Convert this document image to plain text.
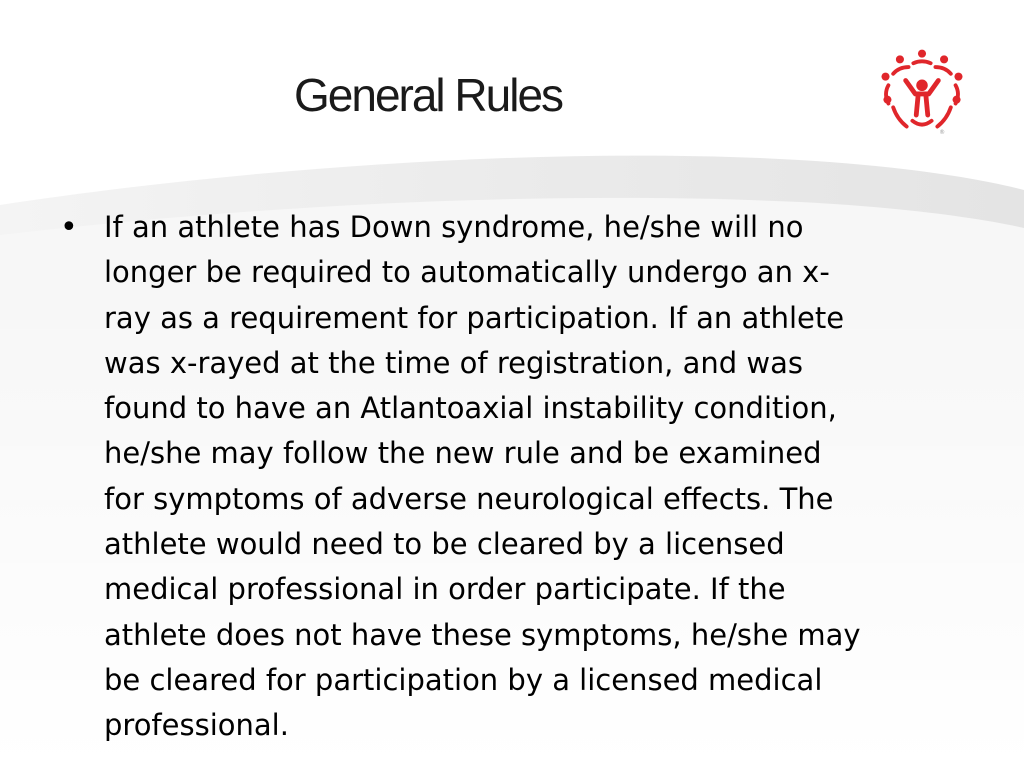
General Rules
®
• If an athlete has Down syndrome, he/she will no
longer be required to automatically undergo an x-
ray as a requirement for participation. If an athlete
was x-rayed at the time of registration, and was
found to have an Atlantoaxial instability condition,
he/she may follow the new rule and be examined
for symptoms of adverse neurological effects. The
athlete would need to be cleared by a licensed
medical professional in order participate. If the
athlete does not have these symptoms, he/she may
be cleared for participation by a licensed medical
professional.
